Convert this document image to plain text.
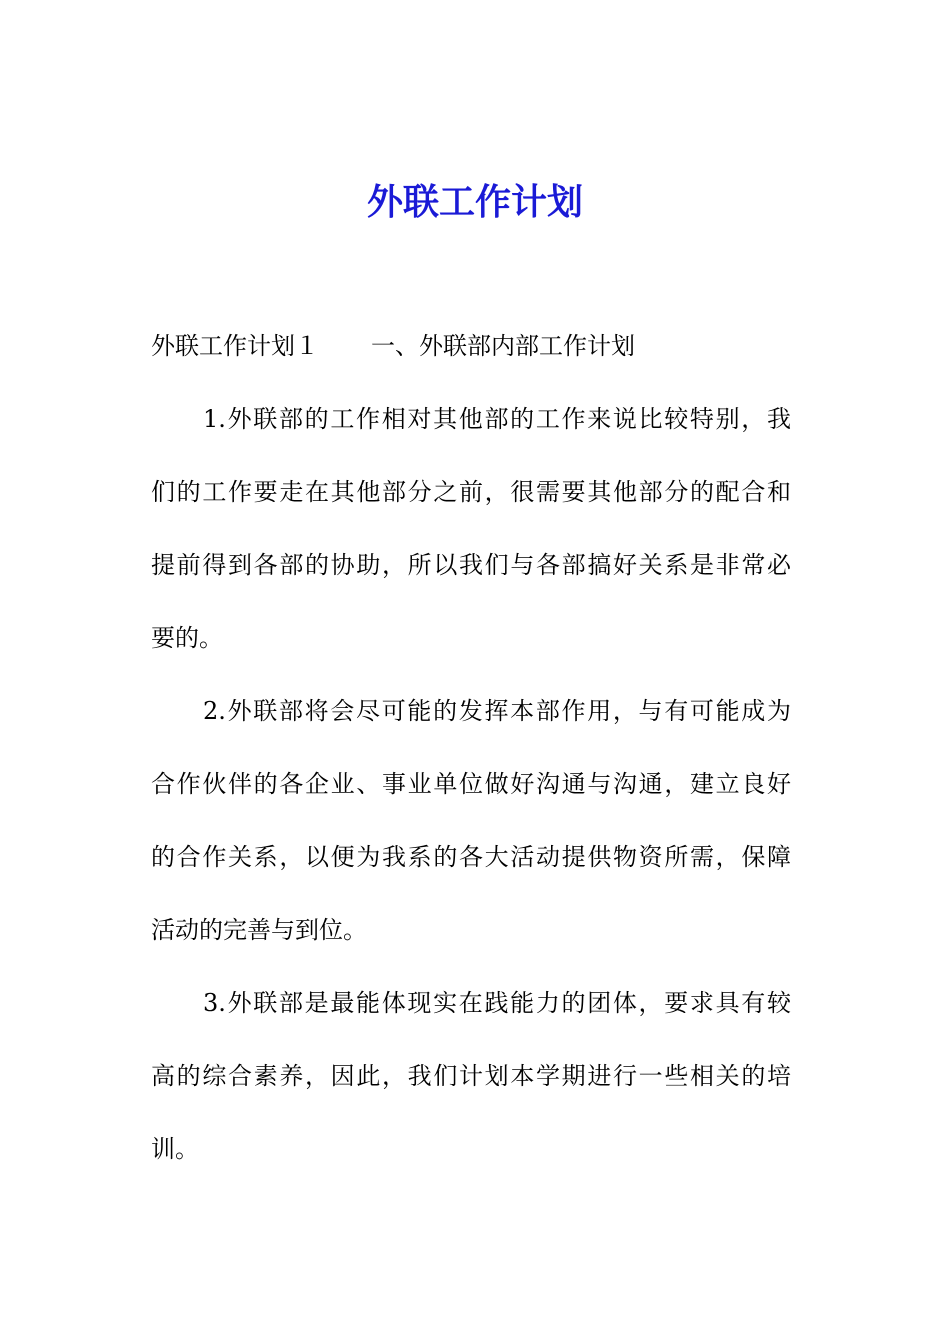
外联工作计划
外联工作计划１ 一、外联部内部工作计划
1.外联部的工作相对其他部的工作来说比较特别，我
们的工作要走在其他部分之前，很需要其他部分的配合和
提前得到各部的协助，所以我们与各部搞好关系是非常必
要的。
2.外联部将会尽可能的发挥本部作用，与有可能成为
合作伙伴的各企业、事业单位做好沟通与沟通，建立良好
的合作关系，以便为我系的各大活动提供物资所需，保障
活动的完善与到位。
3.外联部是最能体现实在践能力的团体，要求具有较
高的综合素养，因此，我们计划本学期进行一些相关的培
训。
